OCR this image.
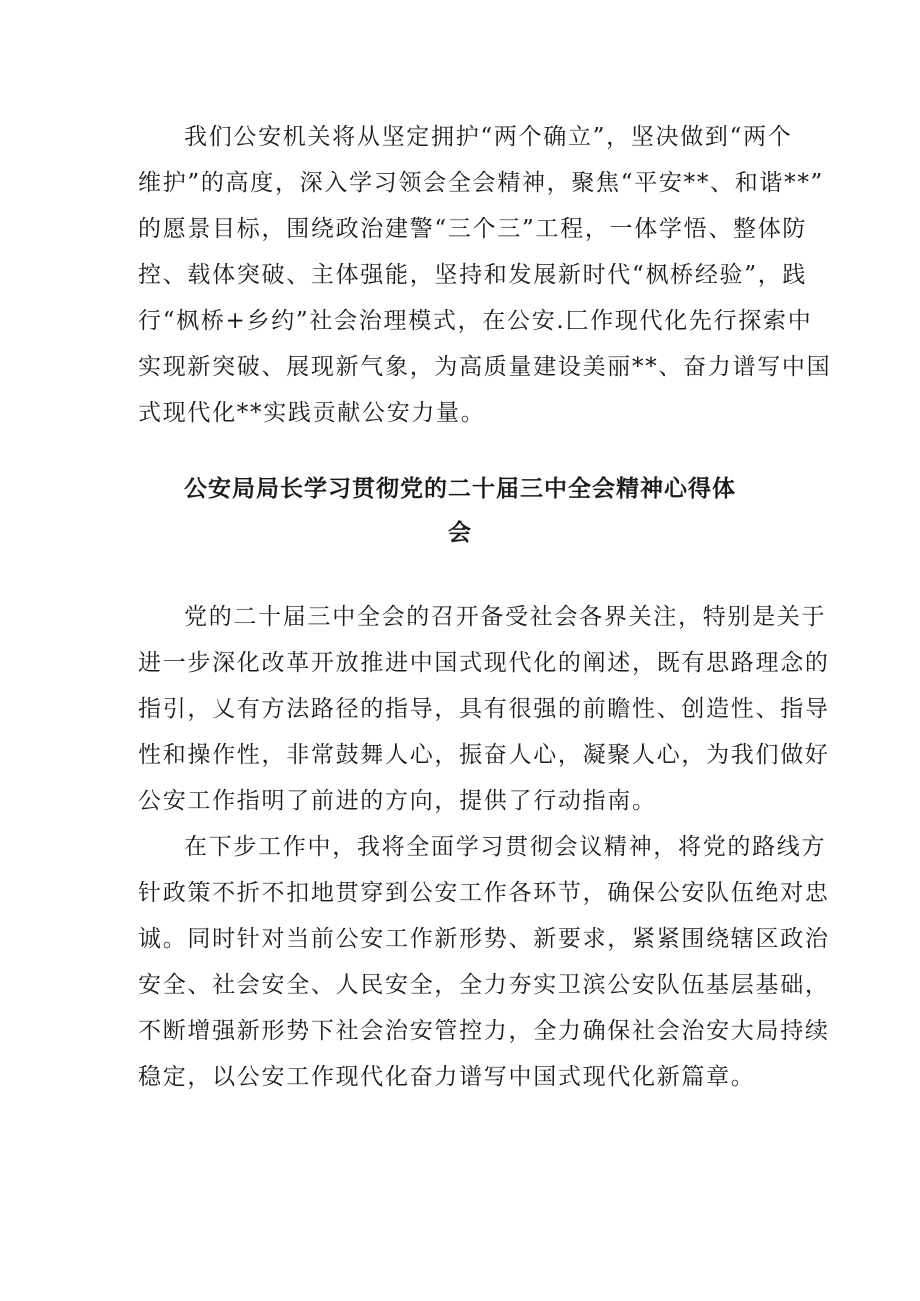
我们公安机关将从坚定拥护“两个确立”，坚决做到“两个

维护”的高度，深入学习领会全会精神，聚焦“平安**、和谐**”

的愿景目标，围绕政治建警“三个三”工程，一体学悟、整体防

控、载体突破、主体强能，坚持和发展新时代“枫桥经验”，践

行“枫桥+乡约”社会治理模式，在公安.匚作现代化先行探索中

实现新突破、展现新气象，为高质量建设美丽**、奋力谱写中国

式现代化**实践贡献公安力量。

公安局局长学习贯彻党的二十届三中全会精神心得体
会

党的二十届三中全会的召开备受社会各界关注，特别是关于

进一步深化改革开放推进中国式现代化的阐述，既有思路理念的

指引，乂有方法路径的指导，具有很强的前瞻性、创造性、指导

性和操作性，非常鼓舞人心，振奋人心，凝聚人心，为我们做好

公安工作指明了前进的方向，提供了行动指南。

在下步工作中，我将全面学习贯彻会议精神，将党的路线方

针政策不折不扣地贯穿到公安工作各环节，确保公安队伍绝对忠

诚。同时针对当前公安工作新形势、新要求，紧紧围绕辖区政治

安全、社会安全、人民安全，全力夯实卫滨公安队伍基层基础，

不断增强新形势下社会治安管控力，全力确保社会治安大局持续

稳定，以公安工作现代化奋力谱写中国式现代化新篇章。
